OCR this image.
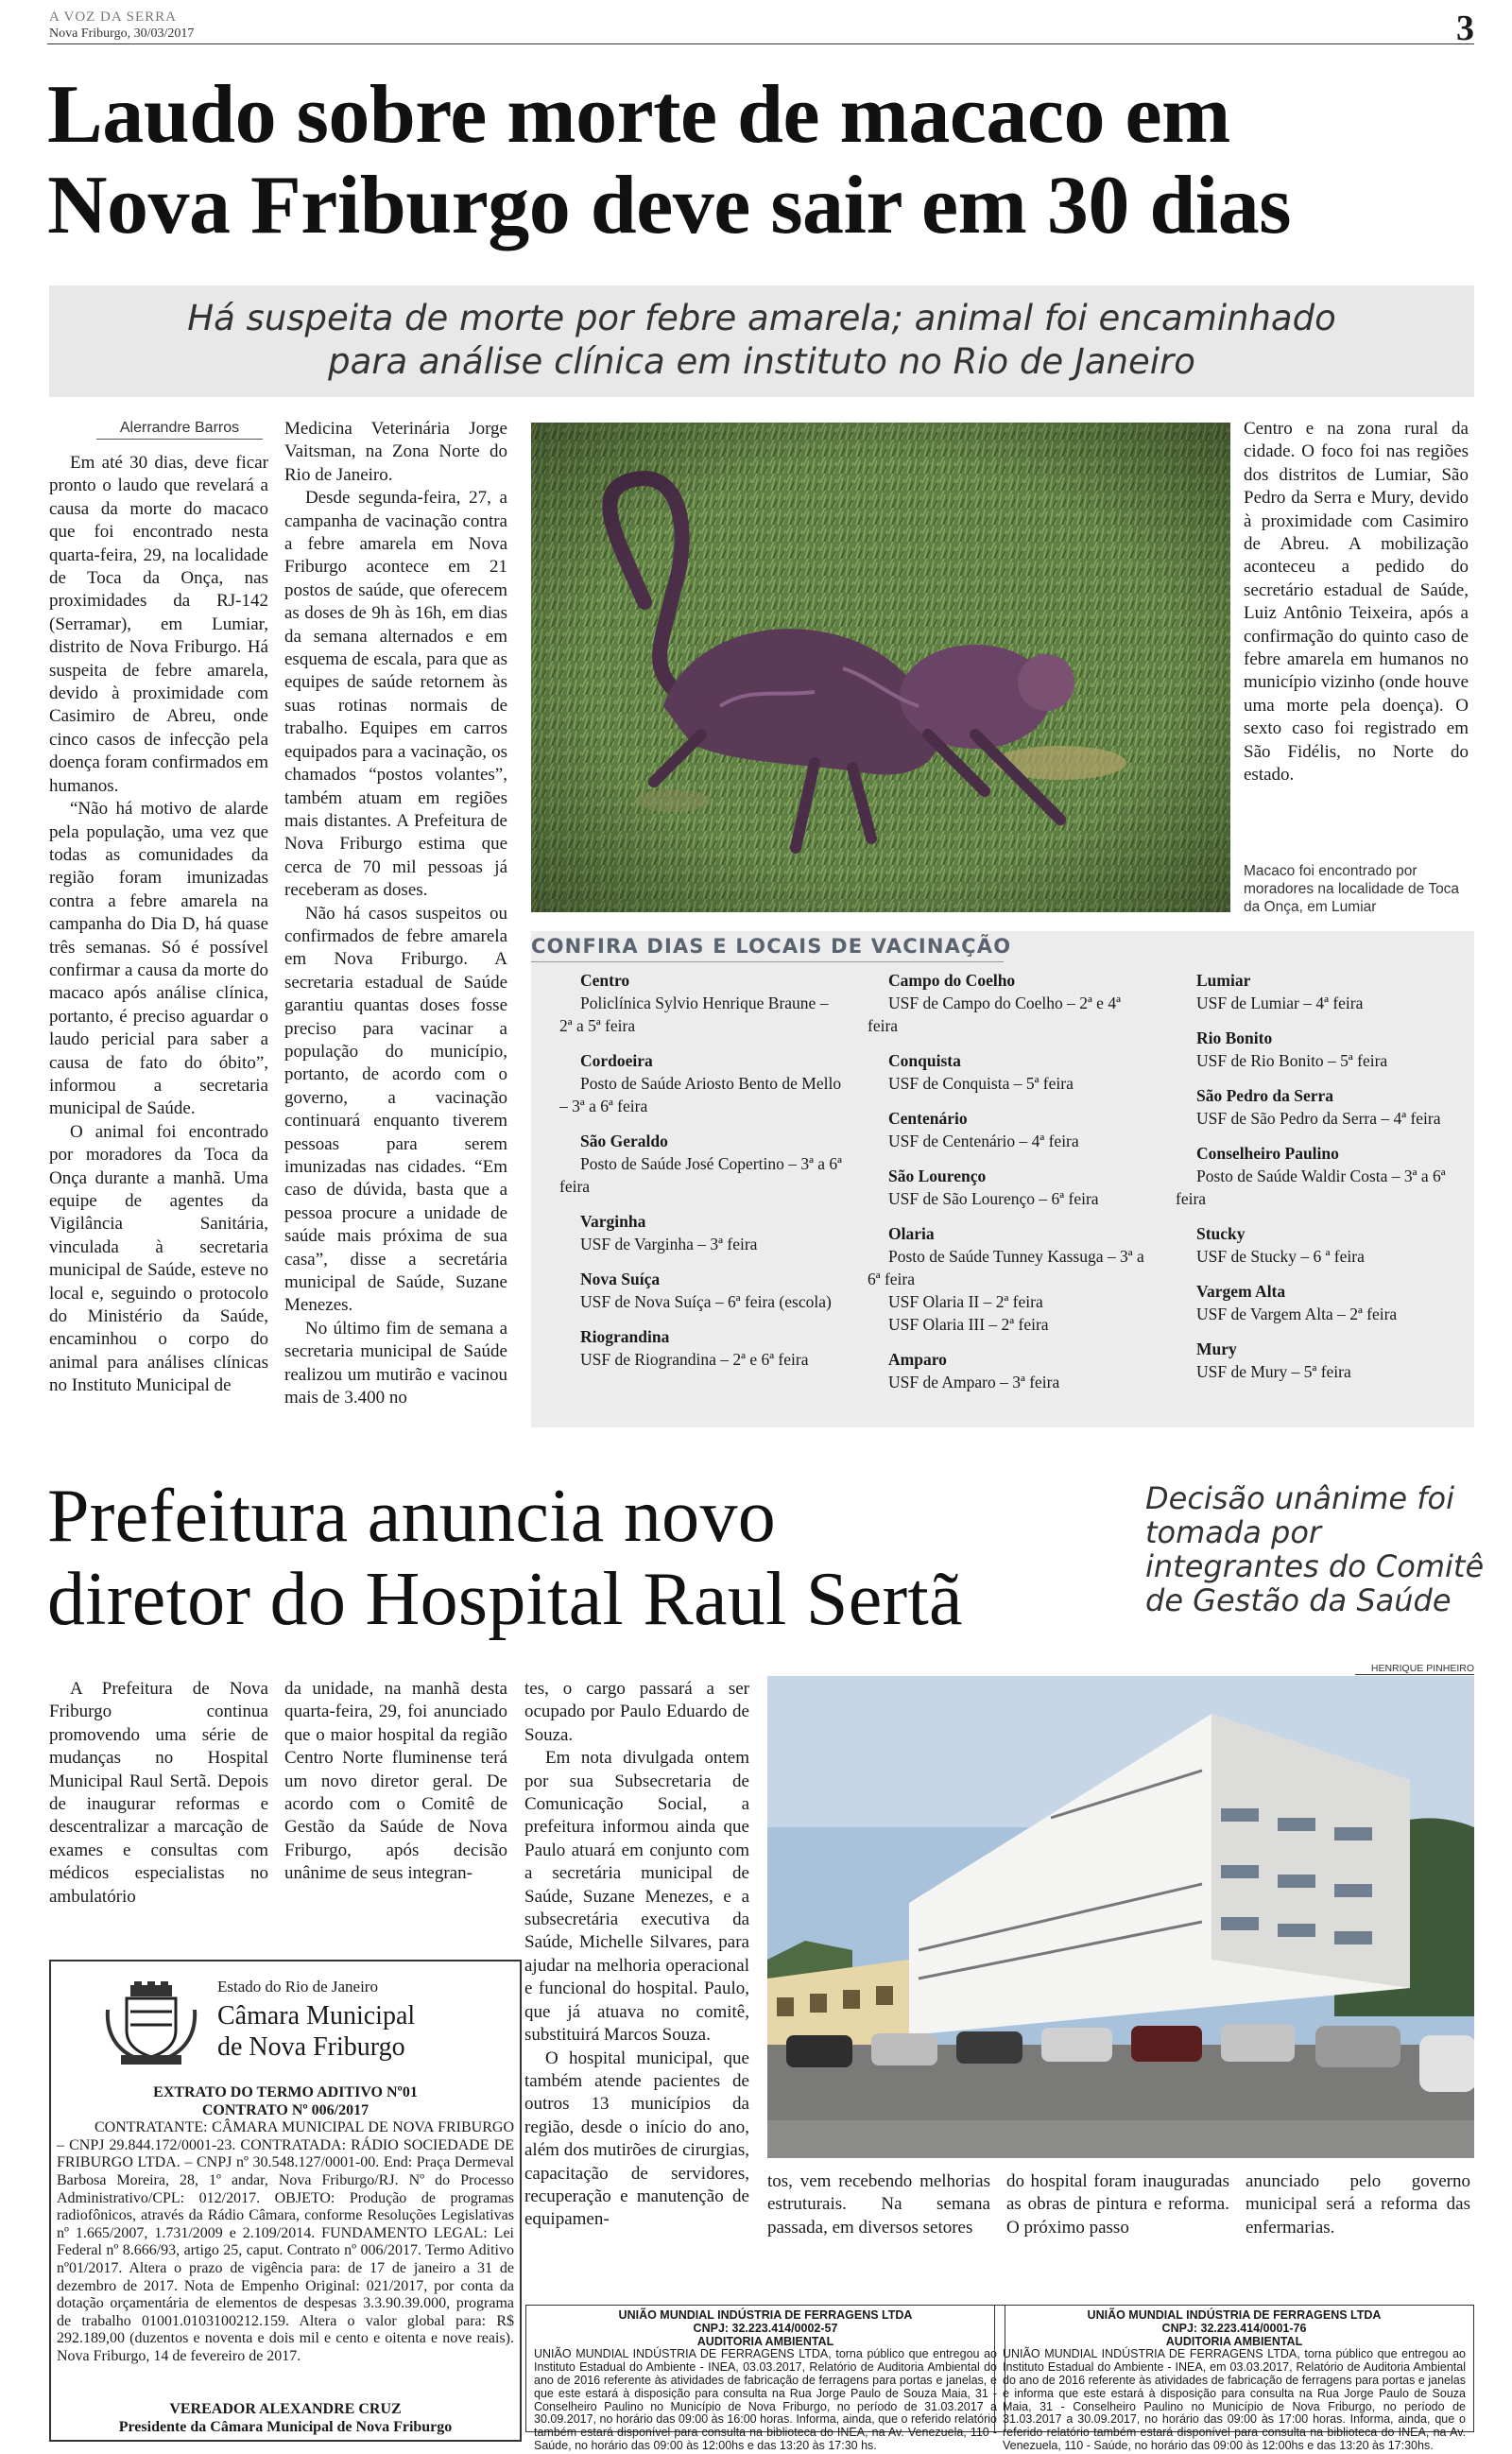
A VOZ DA SERRA
Nova Friburgo, 30/03/2017	3
Laudo sobre morte de macaco em
Nova Friburgo deve sair em 30 dias
Há suspeita de morte por febre amarela; animal foi encaminhado
para análise clínica em instituto no Rio de Janeiro
Alerrandre Barros

Em até 30 dias, deve ficar pronto o laudo que revelará a causa da morte do macaco que foi encontrado nesta quarta-feira, 29, na localidade de Toca da Onça, nas proximidades da RJ-142 (Serramar), em Lumiar, distrito de Nova Friburgo. Há suspeita de febre amarela, devido à proximidade com Casimiro de Abreu, onde cinco casos de infecção pela doença foram confirmados em humanos.

“Não há motivo de alarde pela população, uma vez que todas as comunidades da região foram imunizadas contra a febre amarela na campanha do Dia D, há quase três semanas. Só é possível confirmar a causa da morte do macaco após análise clínica, portanto, é preciso aguardar o laudo pericial para saber a causa de fato do óbito”, informou a secretaria municipal de Saúde.

O animal foi encontrado por moradores da Toca da Onça durante a manhã. Uma equipe de agentes da Vigilância Sanitária, vinculada à secretaria municipal de Saúde, esteve no local e, seguindo o protocolo do Ministério da Saúde, encaminhou o corpo do animal para análises clínicas no Instituto Municipal de

Medicina Veterinária Jorge Vaitsman, na Zona Norte do Rio de Janeiro.

Desde segunda-feira, 27, a campanha de vacinação contra a febre amarela em Nova Friburgo acontece em 21 postos de saúde, que oferecem as doses de 9h às 16h, em dias da semana alternados e em esquema de escala, para que as equipes de saúde retornem às suas rotinas normais de trabalho. Equipes em carros equipados para a vacinação, os chamados “postos volantes”, também atuam em regiões mais distantes. A Prefeitura de Nova Friburgo estima que cerca de 70 mil pessoas já receberam as doses.

Não há casos suspeitos ou confirmados de febre amarela em Nova Friburgo. A secretaria estadual de Saúde garantiu quantas doses fosse preciso para vacinar a população do município, portanto, de acordo com o governo, a vacinação continuará enquanto tiverem pessoas para serem imunizadas nas cidades. “Em caso de dúvida, basta que a pessoa procure a unidade de saúde mais próxima de sua casa”, disse a secretária municipal de Saúde, Suzane Menezes.

No último fim de semana a secretaria municipal de Saúde realizou um mutirão e vacinou mais de 3.400 no

Centro e na zona rural da cidade. O foco foi nas regiões dos distritos de Lumiar, São Pedro da Serra e Mury, devido à proximidade com Casimiro de Abreu. A mobilização aconteceu a pedido do secretário estadual de Saúde, Luiz Antônio Teixeira, após a confirmação do quinto caso de febre amarela em humanos no município vizinho (onde houve uma morte pela doença). O sexto caso foi registrado em São Fidélis, no Norte do estado.

Macaco foi encontrado por moradores na localidade de Toca da Onça, em Lumiar
CONFIRA DIAS E LOCAIS DE VACINAÇÃO
Centro
Policlínica Sylvio Henrique Braune – 2ª a 5ª feira
Cordoeira
Posto de Saúde Ariosto Bento de Mello – 3ª a 6ª feira
São Geraldo
Posto de Saúde José Copertino – 3ª a 6ª feira
Varginha
USF de Varginha – 3ª feira
Nova Suíça
USF de Nova Suíça – 6ª feira (escola)
Riograndina
USF de Riograndina – 2ª e 6ª feira
Campo do Coelho
USF de Campo do Coelho – 2ª e 4ª feira
Conquista
USF de Conquista – 5ª feira
Centenário
USF de Centenário – 4ª feira
São Lourenço
USF de São Lourenço – 6ª feira
Olaria
Posto de Saúde Tunney Kassuga – 3ª a 6ª feira
USF Olaria II – 2ª feira
USF Olaria III – 2ª feira
Amparo
USF de Amparo – 3ª feira
Lumiar
USF de Lumiar – 4ª feira
Rio Bonito
USF de Rio Bonito – 5ª feira
São Pedro da Serra
USF de São Pedro da Serra – 4ª feira
Conselheiro Paulino
Posto de Saúde Waldir Costa – 3ª a 6ª feira
Stucky
USF de Stucky – 6 ª feira
Vargem Alta
USF de Vargem Alta – 2ª feira
Mury
USF de Mury – 5ª feira
Prefeitura anuncia novo
diretor do Hospital Raul Sertã
Decisão unânime foi tomada por integrantes do Comitê de Gestão da Saúde
HENRIQUE PINHEIRO

A Prefeitura de Nova Friburgo continua promovendo uma série de mudanças no Hospital Municipal Raul Sertã. Depois de inaugurar reformas e descentralizar a marcação de exames e consultas com médicos especialistas no ambulatório

da unidade, na manhã desta quarta-feira, 29, foi anunciado que o maior hospital da região Centro Norte fluminense terá um novo diretor geral. De acordo com o Comitê de Gestão da Saúde de Nova Friburgo, após decisão unânime de seus integran-

tes, o cargo passará a ser ocupado por Paulo Eduardo de Souza.

Em nota divulgada ontem por sua Subsecretaria de Comunicação Social, a prefeitura informou ainda que Paulo atuará em conjunto com a secretária municipal de Saúde, Suzane Menezes, e a subsecretária executiva da Saúde, Michelle Silvares, para ajudar na melhoria operacional e funcional do hospital. Paulo, que já atuava no comitê, substituirá Marcos Souza.

O hospital municipal, que também atende pacientes de outros 13 municípios da região, desde o início do ano, além dos mutirões de cirurgias, capacitação de servidores, recuperação e manutenção de equipamen-

tos, vem recebendo melhorias estruturais. Na semana passada, em diversos setores

do hospital foram inauguradas as obras de pintura e reforma. O próximo passo

anunciado pelo governo municipal será a reforma das enfermarias.

Estado do Rio de Janeiro
Câmara Municipal
de Nova Friburgo
EXTRATO DO TERMO ADITIVO Nº01
CONTRATO Nº 006/2017
CONTRATANTE: CÂMARA MUNICIPAL DE NOVA FRIBURGO – CNPJ 29.844.172/0001-23. CONTRATADA: RÁDIO SOCIEDADE DE FRIBURGO LTDA. – CNPJ nº 30.548.127/0001-00. End: Praça Dermeval Barbosa Moreira, 28, 1º andar, Nova Friburgo/RJ. Nº do Processo Administrativo/CPL: 012/2017. OBJETO: Produção de programas radiofônicos, através da Rádio Câmara, conforme Resoluções Legislativas nº 1.665/2007, 1.731/2009 e 2.109/2014. FUNDAMENTO LEGAL: Lei Federal nº 8.666/93, artigo 25, caput. Contrato nº 006/2017. Termo Aditivo nº01/2017. Altera o prazo de vigência para: de 17 de janeiro a 31 de dezembro de 2017. Nota de Empenho Original: 021/2017, por conta da dotação orçamentária de elementos de despesas 3.3.90.39.000, programa de trabalho 01001.0103100212.159. Altera o valor global para: R$ 292.189,00 (duzentos e noventa e dois mil e cento e oitenta e nove reais). Nova Friburgo, 14 de fevereiro de 2017.
VEREADOR ALEXANDRE CRUZ
Presidente da Câmara Municipal de Nova Friburgo
UNIÃO MUNDIAL INDÚSTRIA DE FERRAGENS LTDA
CNPJ: 32.223.414/0002-57
AUDITORIA AMBIENTAL
UNIÃO MUNDIAL INDÚSTRIA DE FERRAGENS LTDA, torna público que entregou ao Instituto Estadual do Ambiente - INEA, 03.03.2017, Relatório de Auditoria Ambiental do ano de 2016 referente às atividades de fabricação de ferragens para portas e janelas, e que este estará à disposição para consulta na Rua Jorge Paulo de Souza Maia, 31 - Conselheiro Paulino no Município de Nova Friburgo, no período de 31.03.2017 a 30.09.2017, no horário das 09:00 às 16:00 horas. Informa, ainda, que o referido relatório também estará disponível para consulta na biblioteca do INEA, na Av. Venezuela, 110 - Saúde, no horário das 09:00 às 12:00hs e das 13:20 às 17:30 hs.
UNIÃO MUNDIAL INDÚSTRIA DE FERRAGENS LTDA
CNPJ: 32.223.414/0001-76
AUDITORIA AMBIENTAL
UNIÃO MUNDIAL INDÚSTRIA DE FERRAGENS LTDA, torna público que entregou ao Instituto Estadual do Ambiente - INEA, em 03.03.2017, Relatório de Auditoria Ambiental do ano de 2016 referente às atividades de fabricação de ferragens para portas e janelas e informa que este estará à disposição para consulta na Rua Jorge Paulo de Souza Maia, 31 - Conselheiro Paulino no Município de Nova Friburgo, no período de 31.03.2017 a 30.09.2017, no horário das 09:00 às 17:00 horas. Informa, ainda, que o referido relatório também estará disponível para consulta na biblioteca do INEA, na Av. Venezuela, 110 - Saúde, no horário das 09:00 às 12:00hs e das 13:20 às 17:30hs.
